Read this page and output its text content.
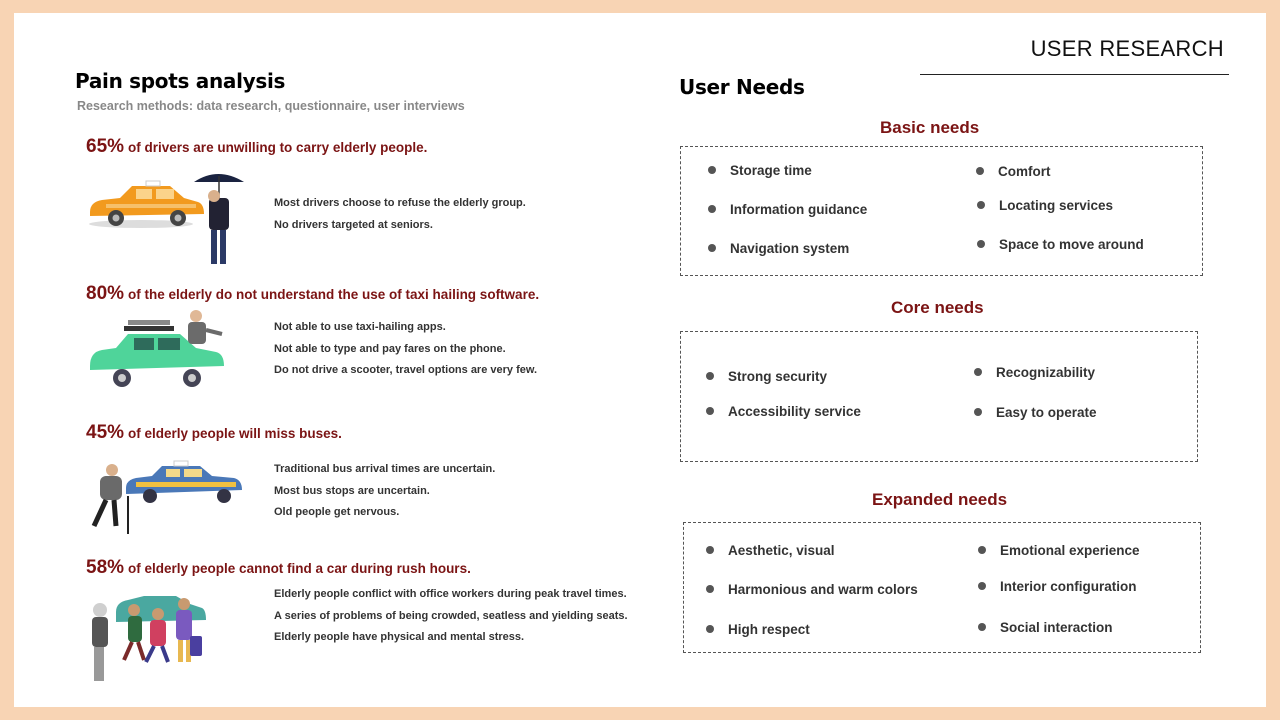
USER RESEARCH
Pain spots analysis
Research methods: data research, questionnaire, user interviews
65% of drivers are unwilling to carry elderly people.
Most drivers choose to refuse the elderly group.
No drivers targeted at seniors.
80% of the elderly do not understand the use of taxi hailing software.
Not able to use taxi-hailing apps.
Not able to type and pay fares on the phone.
Do not drive a scooter, travel options are very few.
45% of elderly people will miss buses.
Traditional bus arrival times are uncertain.
Most bus stops are uncertain.
Old people get nervous.
58% of elderly people cannot find a car during rush hours.
Elderly people conflict with office workers during peak travel times.
A series of problems of being crowded, seatless and yielding seats.
Elderly people have physical and mental stress.
User Needs
Basic needs
Storage time
Information guidance
Navigation system
Comfort
Locating services
Space to move around
Core needs
Strong security
Accessibility service
Recognizability
Easy to operate
Expanded needs
Aesthetic, visual
Harmonious and warm colors
High respect
Emotional experience
Interior configuration
Social interaction
